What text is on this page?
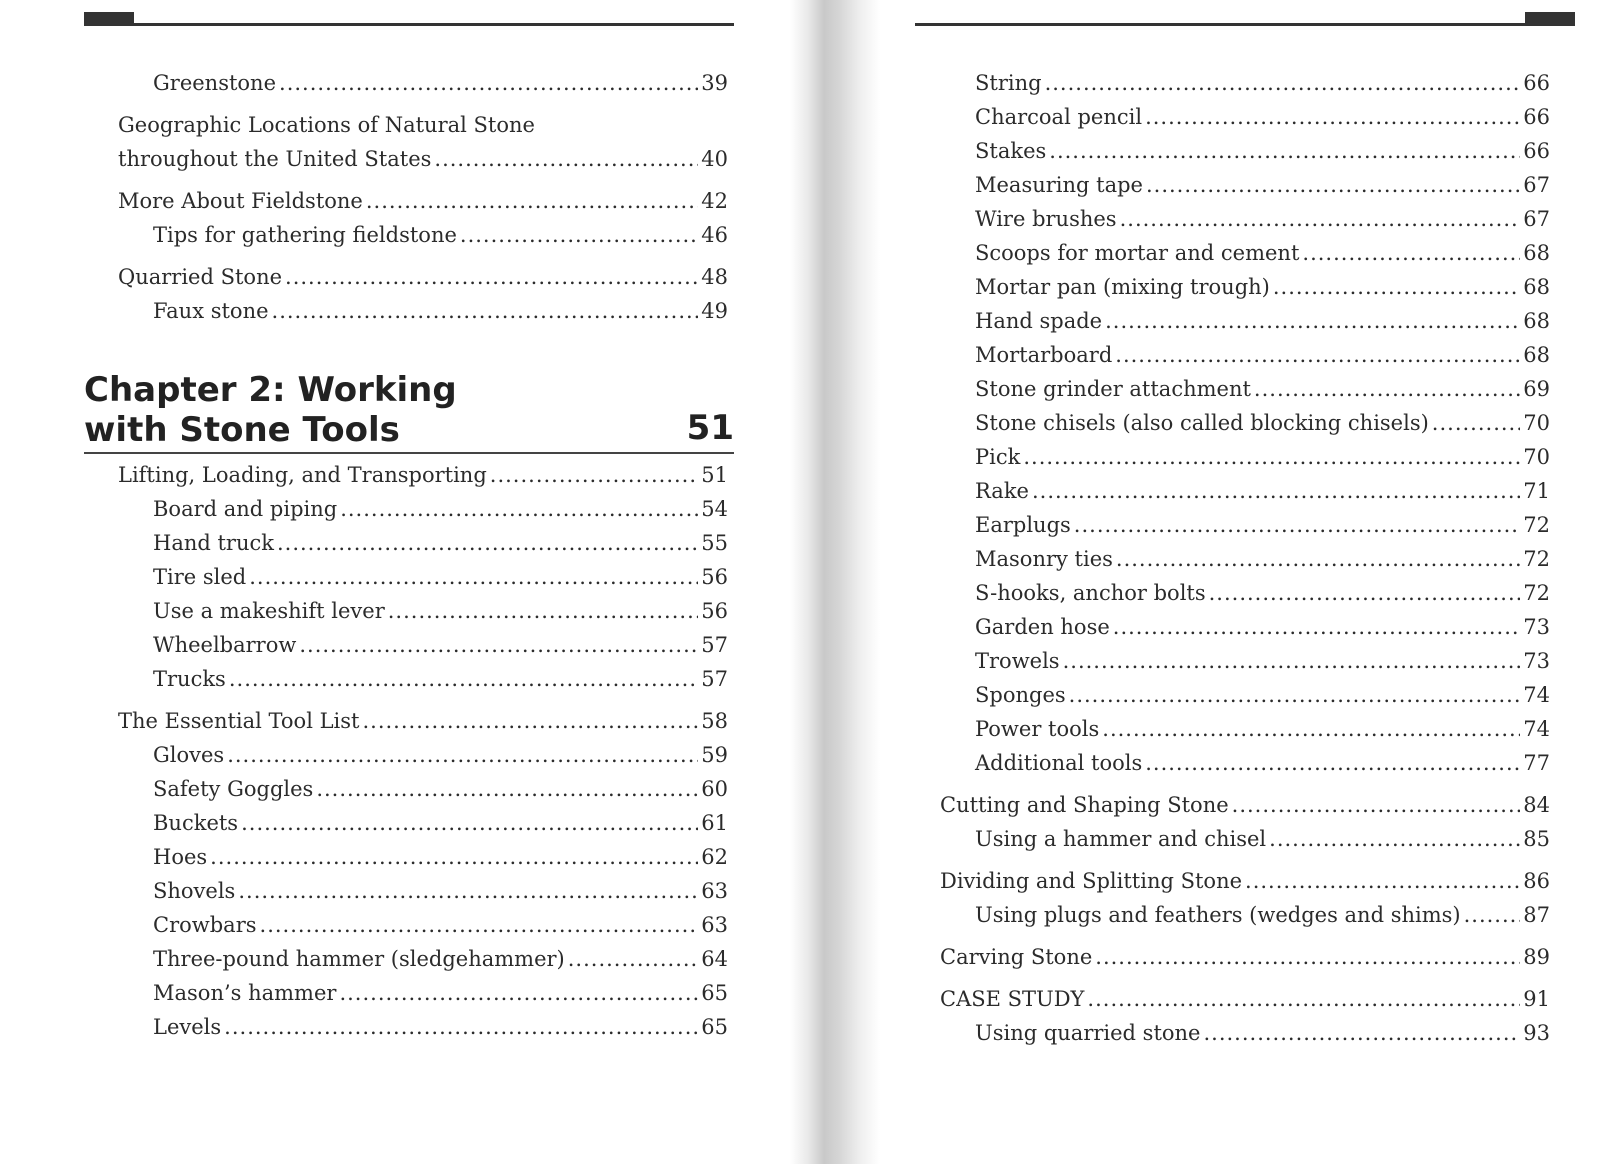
Greenstone .....	39
Geographic Locations of Natural Stone
throughout the United States .....	40
More About Fieldstone .....	42
Tips for gathering fieldstone .....	46
Quarried Stone .....	48
Faux stone .....	49
Chapter 2: Working
with Stone Tools	51
Lifting, Loading, and Transporting .....	51
Board and piping .....	54
Hand truck .....	55
Tire sled .....	56
Use a makeshift lever .....	56
Wheelbarrow .....	57
Trucks .....	57
The Essential Tool List .....	58
Gloves .....	59
Safety Goggles .....	60
Buckets .....	61
Hoes .....	62
Shovels .....	63
Crowbars .....	63
Three-pound hammer (sledgehammer) .....	64
Mason’s hammer .....	65
Levels .....	65
String .....	66
Charcoal pencil .....	66
Stakes .....	66
Measuring tape .....	67
Wire brushes .....	67
Scoops for mortar and cement .....	68
Mortar pan (mixing trough) .....	68
Hand spade .....	68
Mortarboard .....	68
Stone grinder attachment .....	69
Stone chisels (also called blocking chisels) .....	70
Pick .....	70
Rake .....	71
Earplugs .....	72
Masonry ties .....	72
S-hooks, anchor bolts .....	72
Garden hose .....	73
Trowels .....	73
Sponges .....	74
Power tools .....	74
Additional tools .....	77
Cutting and Shaping Stone .....	84
Using a hammer and chisel .....	85
Dividing and Splitting Stone .....	86
Using plugs and feathers (wedges and shims) .....	87
Carving Stone .....	89
CASE STUDY .....	91
Using quarried stone .....	93
